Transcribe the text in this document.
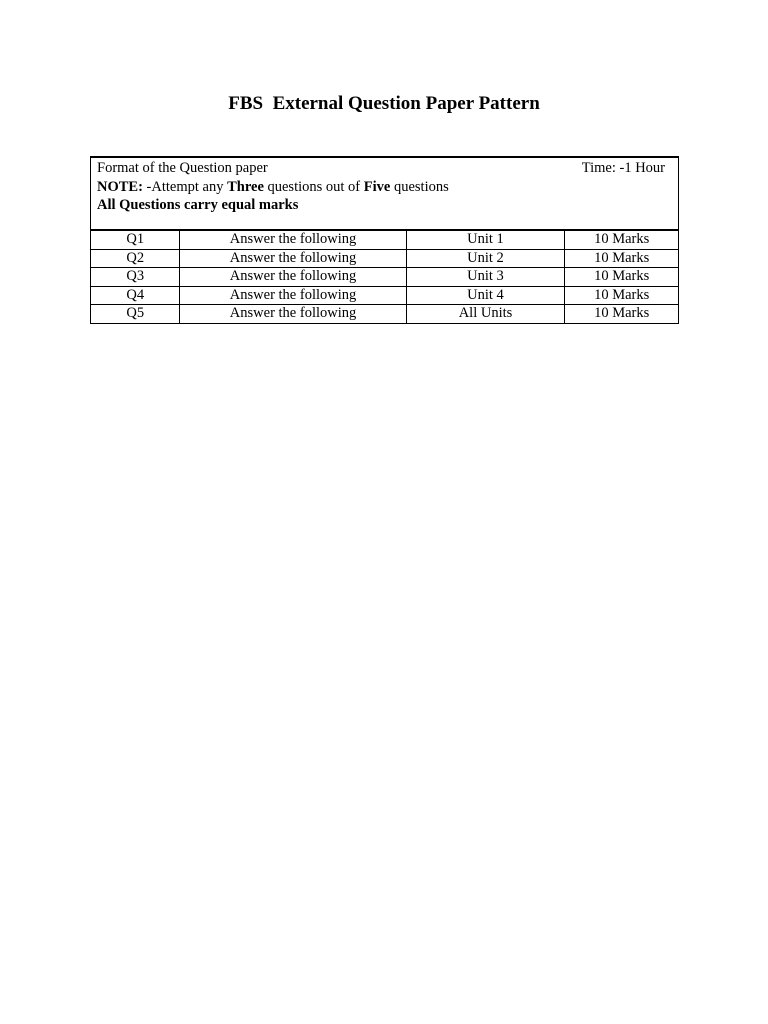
FBS  External Question Paper Pattern
Format of the Question paper Time: -1 Hour
NOTE: -Attempt any Three questions out of Five questions
All Questions carry equal marks			

Q1	Answer the following	Unit 1	10 Marks
Q2	Answer the following	Unit 2	10 Marks
Q3	Answer the following	Unit 3	10 Marks
Q4	Answer the following	Unit 4	10 Marks
Q5	Answer the following	All Units	10 Marks
